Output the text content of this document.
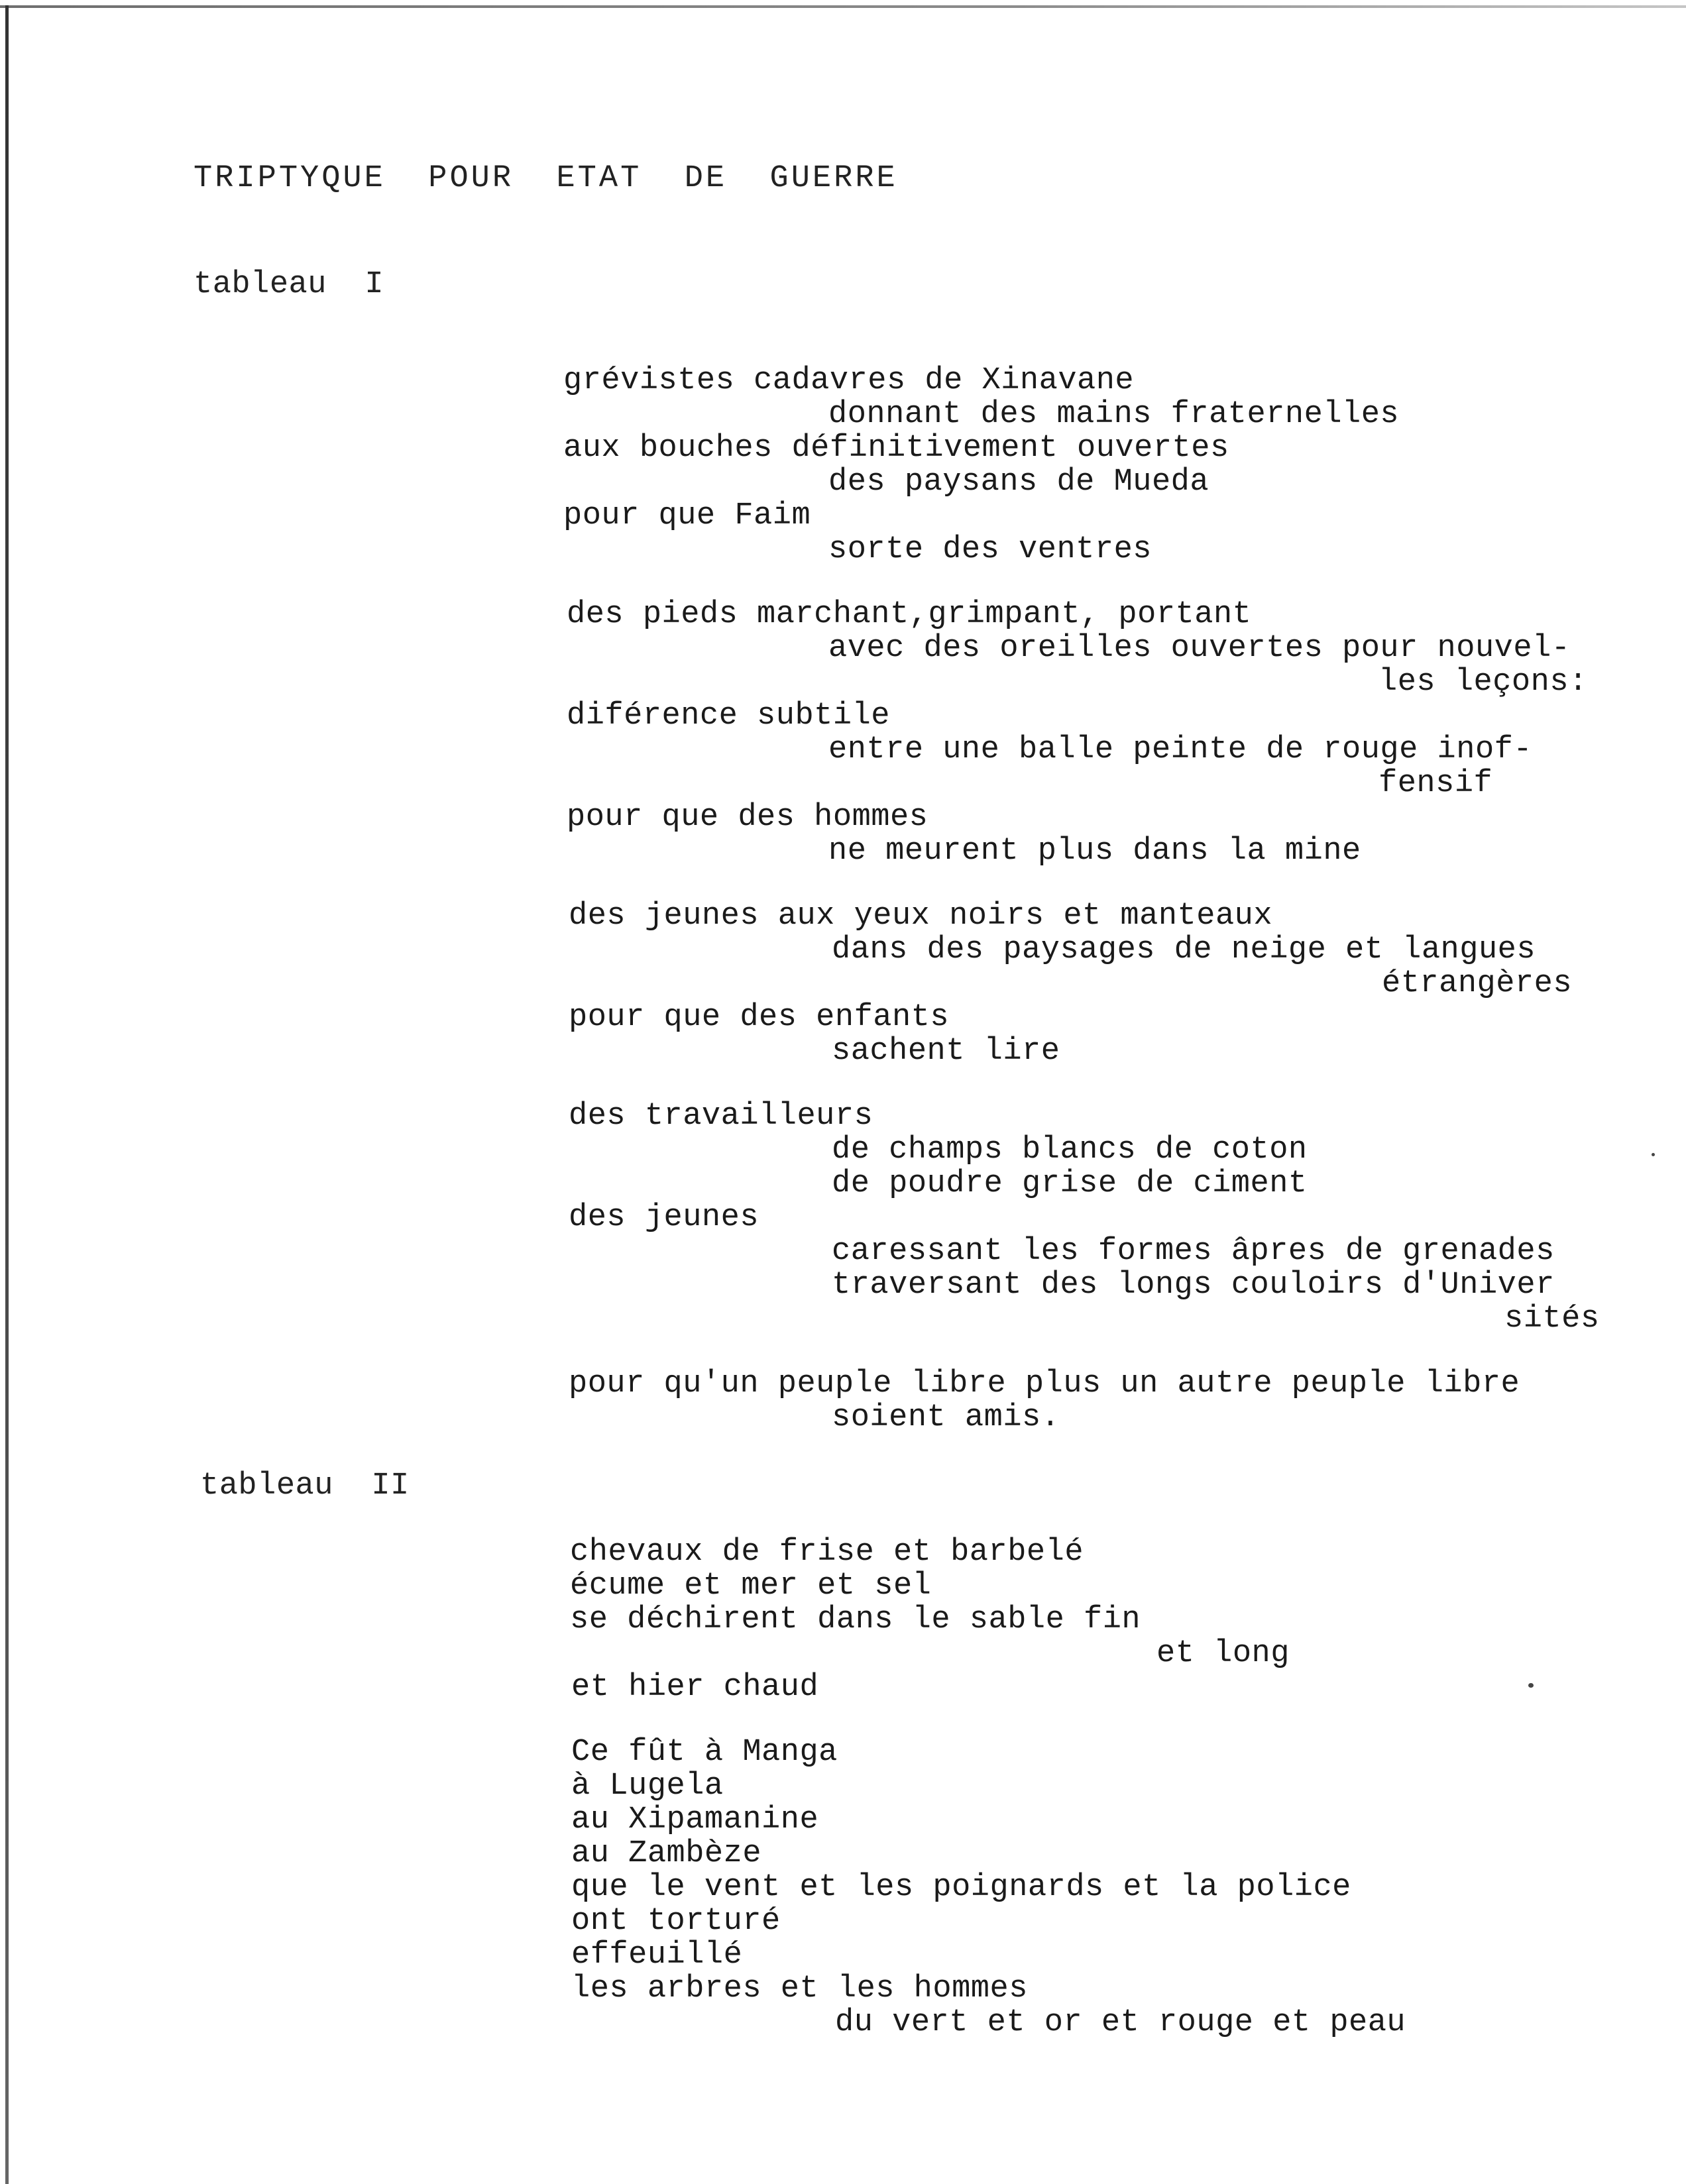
TRIPTYQUE  POUR  ETAT  DE  GUERRE
tableau  I
grévistes cadavres de Xinavane
donnant des mains fraternelles
aux bouches définitivement ouvertes
des paysans de Mueda
pour que Faim
sorte des ventres
des pieds marchant,grimpant, portant
avec des oreilles ouvertes pour nouvel-
les leçons:
diférence subtile
entre une balle peinte de rouge inof-
fensif
pour que des hommes
ne meurent plus dans la mine
des jeunes aux yeux noirs et manteaux
dans des paysages de neige et langues
étrangères
pour que des enfants
sachent lire
des travailleurs
de champs blancs de coton
de poudre grise de ciment
des jeunes
caressant les formes âpres de grenades
traversant des longs couloirs d'Univer
sités
pour qu'un peuple libre plus un autre peuple libre
soient amis.
tableau  II
chevaux de frise et barbelé
écume et mer et sel
se déchirent dans le sable fin
et long
et hier chaud
Ce fût à Manga
à Lugela
au Xipamanine
au Zambèze
que le vent et les poignards et la police
ont torturé
effeuillé
les arbres et les hommes
du vert et or et rouge et peau
